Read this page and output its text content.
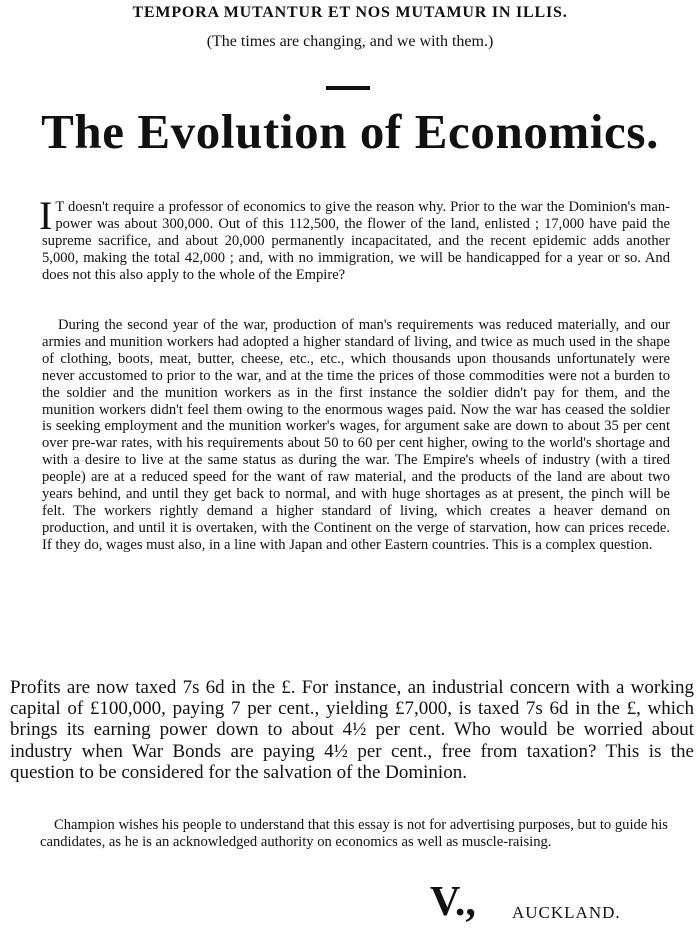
TEMPORA MUTANTUR ET NOS MUTAMUR IN ILLIS.
(The times are changing, and we with them.)
The Evolution of Economics.
I T doesn't require a professor of economics to give the reason why. Prior to the war the Dominion's man-power was about 300,000. Out of this 112,500, the flower of the land, enlisted ; 17,000 have paid the supreme sacrifice, and about 20,000 permanently incapacitated, and the recent epidemic adds another 5,000, making the total 42,000 ; and, with no immigration, we will be handicapped for a year or so. And does not this also apply to the whole of the Empire?
During the second year of the war, production of man's requirements was reduced materially, and our armies and munition workers had adopted a higher standard of living, and twice as much used in the shape of clothing, boots, meat, butter, cheese, etc., etc., which thousands upon thousands unfortunately were never accustomed to prior to the war, and at the time the prices of those commodities were not a burden to the soldier and the munition workers as in the first instance the soldier didn't pay for them, and the munition workers didn't feel them owing to the enormous wages paid. Now the war has ceased the soldier is seeking employment and the munition worker's wages, for argument sake are down to about 35 per cent over pre-war rates, with his requirements about 50 to 60 per cent higher, owing to the world's shortage and with a desire to live at the same status as during the war. The Empire's wheels of industry (with a tired people) are at a reduced speed for the want of raw material, and the products of the land are about two years behind, and until they get back to normal, and with huge shortages as at present, the pinch will be felt. The workers rightly demand a higher standard of living, which creates a heaver demand on production, and until it is overtaken, with the Continent on the verge of starvation, how can prices recede. If they do, wages must also, in a line with Japan and other Eastern countries. This is a complex question.
Profits are now taxed 7s 6d in the £. For instance, an industrial concern with a working capital of £100,000, paying 7 per cent., yielding £7,000, is taxed 7s 6d in the £, which brings its earning power down to about 4½ per cent. Who would be worried about industry when War Bonds are paying 4½ per cent., free from taxation? This is the question to be considered for the salvation of the Dominion.
Champion wishes his people to understand that this essay is not for advertising purposes, but to guide his candidates, as he is an acknowledged authority on economics as well as muscle-raising.
V., AUCKLAND.
